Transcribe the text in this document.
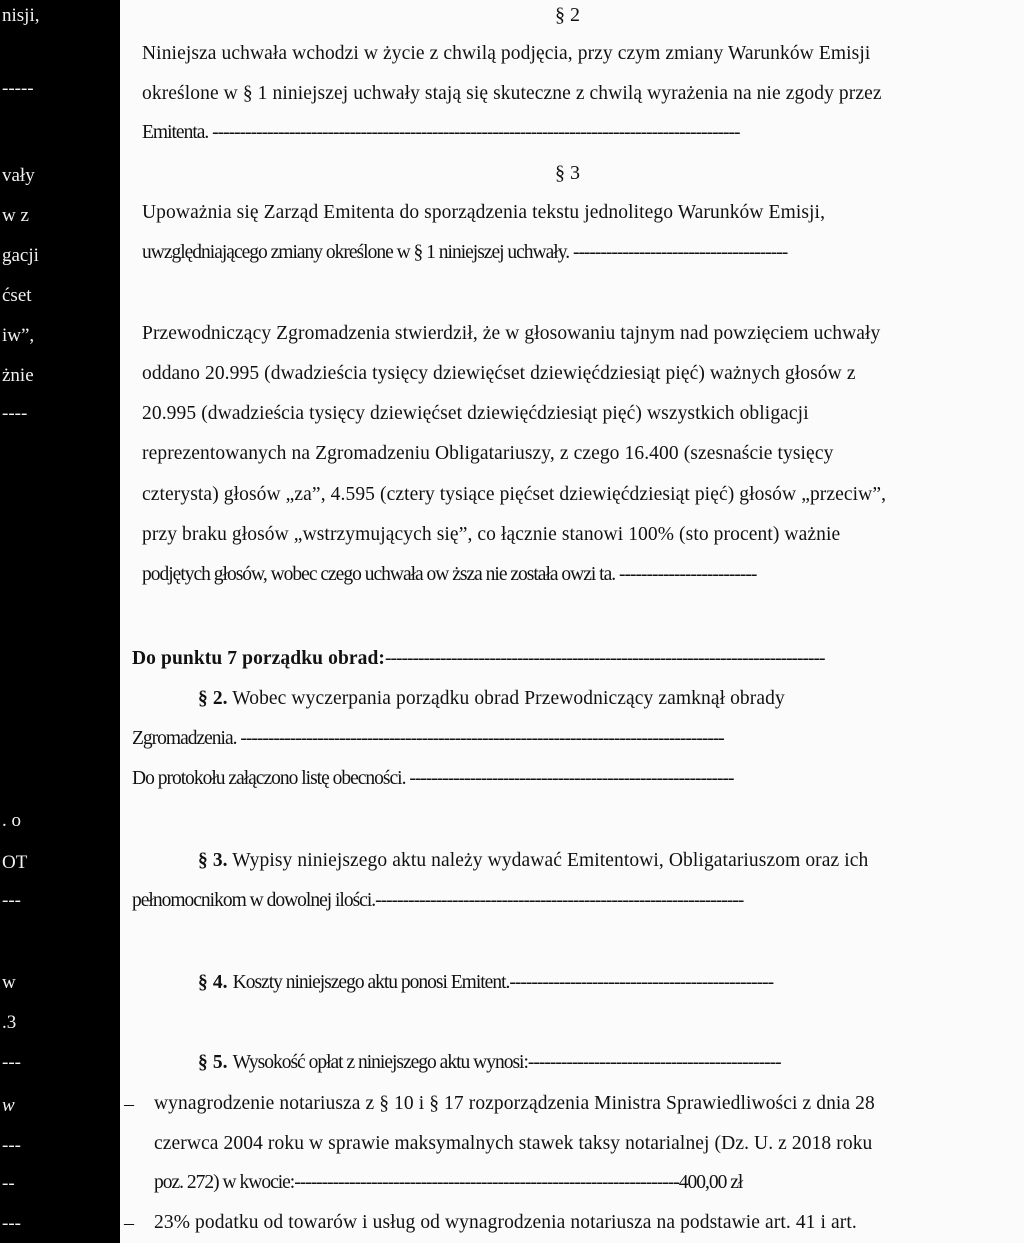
nisji,
-----
vały
w z
gacji
ćset
iw”,
żnie
----
. o
OT
---
w
.3
---
w
---
--
---
§ 2
Niniejsza uchwała wchodzi w życie z chwilą podjęcia, przy czym zmiany Warunków Emisji
określone w § 1 niniejszej uchwały stają się skuteczne z chwilą wyrażenia na nie zgody przez
Emitenta. ------------------------------------------------------------------------------------------------
§ 3
Upoważnia się Zarząd Emitenta do sporządzenia tekstu jednolitego Warunków Emisji,
uwzględniającego zmiany określone w § 1 niniejszej uchwały. ---------------------------------------
Przewodniczący Zgromadzenia stwierdził, że w głosowaniu tajnym nad powzięciem uchwały
oddano 20.995 (dwadzieścia tysięcy dziewięćset dziewięćdziesiąt pięć) ważnych głosów z
20.995 (dwadzieścia tysięcy dziewięćset dziewięćdziesiąt pięć) wszystkich obligacji
reprezentowanych na Zgromadzeniu Obligatariuszy, z czego 16.400 (szesnaście tysięcy
czterysta) głosów „za”, 4.595 (cztery tysiące pięćset dziewięćdziesiąt pięć) głosów „przeciw”,
przy braku głosów „wstrzymujących się”, co łącznie stanowi 100% (sto procent) ważnie
podjętych głosów, wobec czego uchwała ow ższa nie została owzi ta. -------------------------
Do punktu 7 porządku obrad:--------------------------------------------------------------------------------
§ 2. Wobec wyczerpania porządku obrad Przewodniczący zamknął obrady
Zgromadzenia. ----------------------------------------------------------------------------------------
Do protokołu załączono listę obecności. -----------------------------------------------------------
§ 3. Wypisy niniejszego aktu należy wydawać Emitentowi, Obligatariuszom oraz ich
pełnomocnikom w dowolnej ilości.-------------------------------------------------------------------
§ 4. Koszty niniejszego aktu ponosi Emitent.------------------------------------------------
§ 5. Wysokość opłat z niniejszego aktu wynosi:----------------------------------------------
– wynagrodzenie notariusza z § 10 i § 17 rozporządzenia Ministra Sprawiedliwości z dnia 28
czerwca 2004 roku w sprawie maksymalnych stawek taksy notarialnej (Dz. U. z 2018 roku
poz. 272) w kwocie:----------------------------------------------------------------------400,00 zł
– 23% podatku od towarów i usług od wynagrodzenia notariusza na podstawie art. 41 i art.
